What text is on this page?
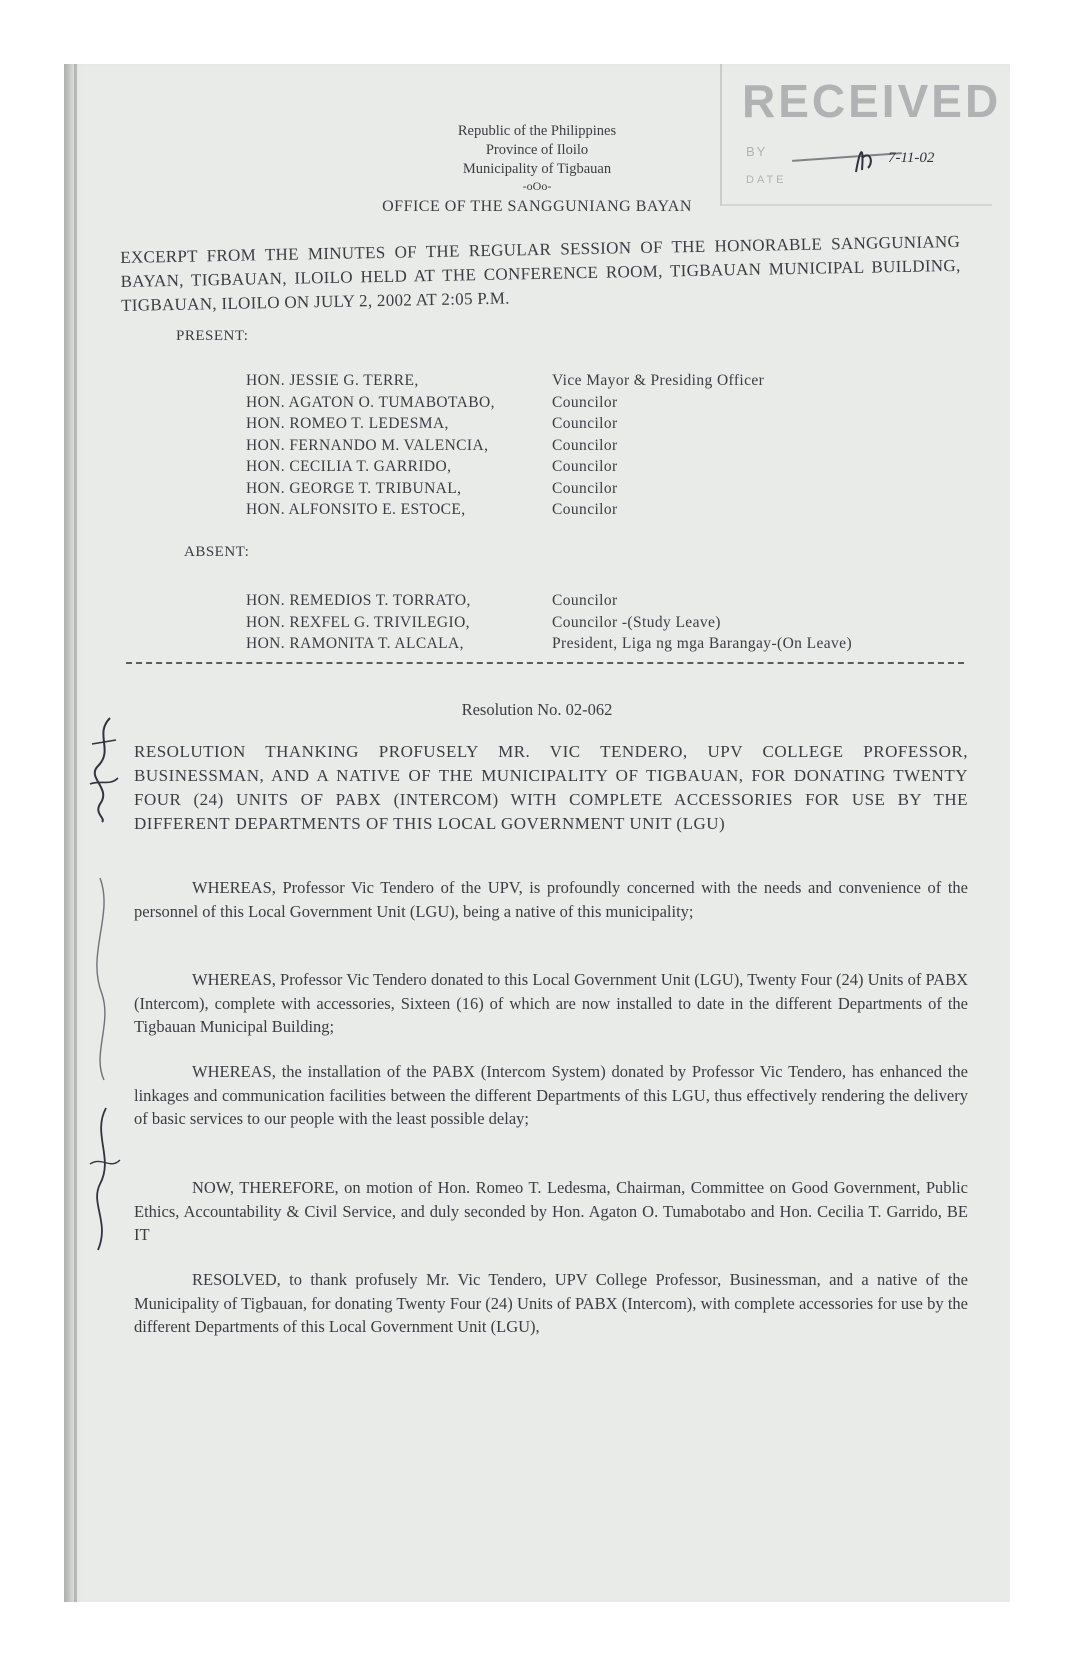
RECEIVED
BY	7-11-02
DATE
Republic of the Philippines
Province of Iloilo
Municipality of Tigbauan
-oOo-
OFFICE OF THE SANGGUNIANG BAYAN
EXCERPT FROM THE MINUTES OF THE REGULAR SESSION OF THE HONORABLE SANGGUNIANG BAYAN, TIGBAUAN, ILOILO HELD AT THE CONFERENCE ROOM, TIGBAUAN MUNICIPAL BUILDING, TIGBAUAN, ILOILO ON JULY 2, 2002 AT 2:05 P.M.
PRESENT:
HON. JESSIE G. TERRE,	Vice Mayor & Presiding Officer
HON. AGATON O. TUMABOTABO,	Councilor
HON. ROMEO T. LEDESMA,	Councilor
HON. FERNANDO M. VALENCIA,	Councilor
HON. CECILIA T. GARRIDO,	Councilor
HON. GEORGE T. TRIBUNAL,	Councilor
HON. ALFONSITO E. ESTOCE,	Councilor
ABSENT:
HON. REMEDIOS T. TORRATO,	Councilor
HON. REXFEL G. TRIVILEGIO,	Councilor -(Study Leave)
HON. RAMONITA T. ALCALA,	President, Liga ng mga Barangay-(On Leave)
Resolution No. 02-062
RESOLUTION THANKING PROFUSELY MR. VIC TENDERO, UPV COLLEGE PROFESSOR, BUSINESSMAN, AND A NATIVE OF THE MUNICIPALITY OF TIGBAUAN, FOR DONATING TWENTY FOUR (24) UNITS OF PABX (INTERCOM) WITH COMPLETE ACCESSORIES FOR USE BY THE DIFFERENT DEPARTMENTS OF THIS LOCAL GOVERNMENT UNIT (LGU)
WHEREAS, Professor Vic Tendero of the UPV, is profoundly concerned with the needs and convenience of the personnel of this Local Government Unit (LGU), being a native of this municipality;
WHEREAS, Professor Vic Tendero donated to this Local Government Unit (LGU), Twenty Four (24) Units of PABX (Intercom), complete with accessories, Sixteen (16) of which are now installed to date in the different Departments of the Tigbauan Municipal Building;
WHEREAS, the installation of the PABX (Intercom System) donated by Professor Vic Tendero, has enhanced the linkages and communication facilities between the different Departments of this LGU, thus effectively rendering the delivery of basic services to our people with the least possible delay;
NOW, THEREFORE, on motion of Hon. Romeo T. Ledesma, Chairman, Committee on Good Government, Public Ethics, Accountability & Civil Service, and duly seconded by Hon. Agaton O. Tumabotabo and Hon. Cecilia T. Garrido, BE IT
RESOLVED, to thank profusely Mr. Vic Tendero, UPV College Professor, Businessman, and a native of the Municipality of Tigbauan, for donating Twenty Four (24) Units of PABX (Intercom), with complete accessories for use by the different Departments of this Local Government Unit (LGU),
